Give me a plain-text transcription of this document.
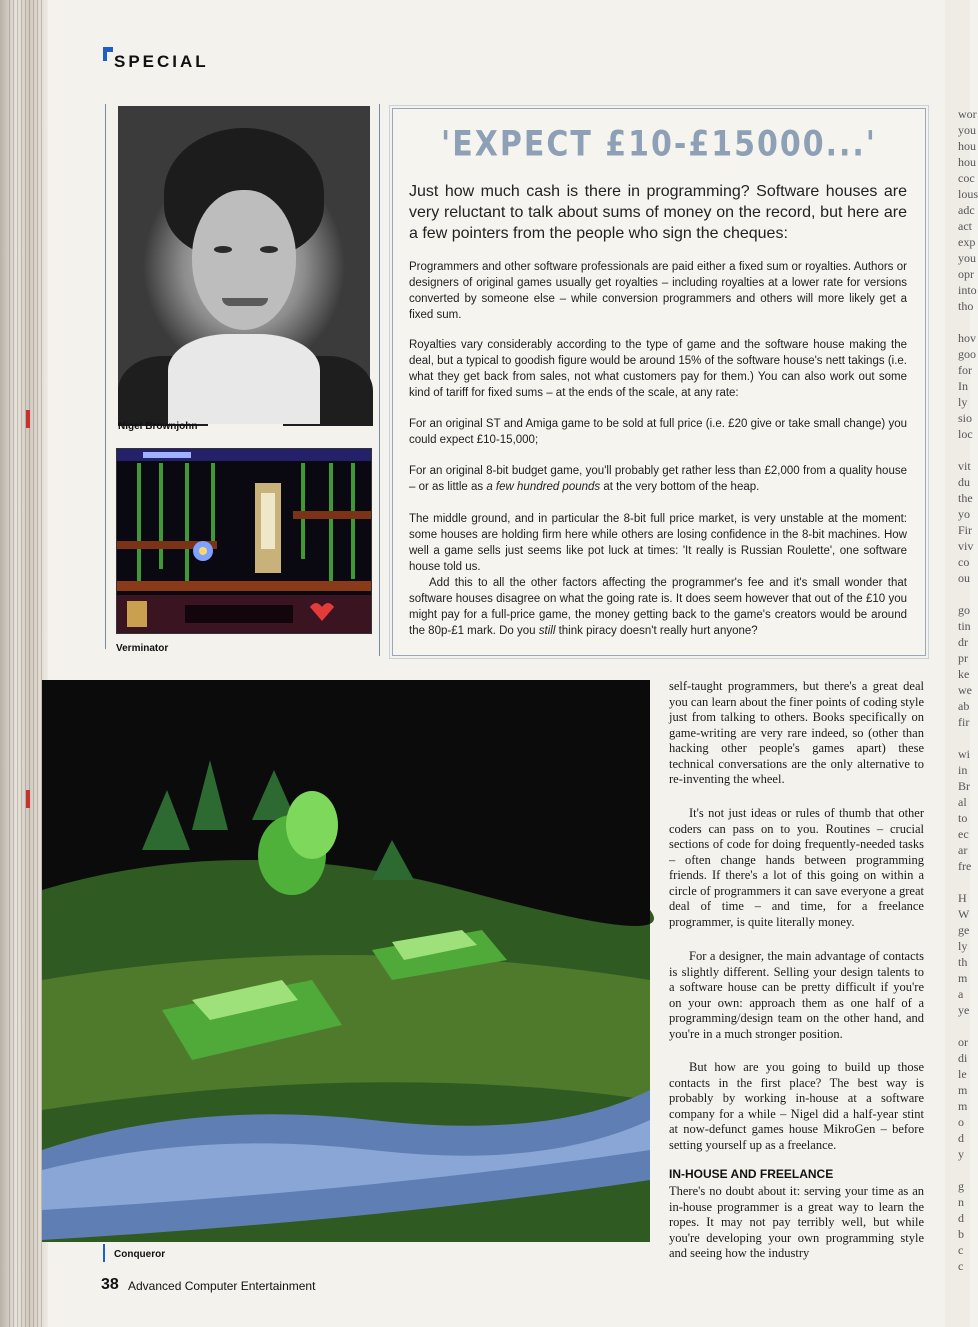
wor
you
hou
hou
coc
lous
adc
act
exp
you
opr
into
tho
hov
goo
for
In
ly
sio
loc
vit
du
the
yo
Fir
viv
co
ou
go
tin
dr
pr
ke
we
ab
fir
wi
in
Br
al
to
ec
ar
fre
H
W
ge
ly
th
m
a
ye
or
di
le
m
m
o
d
y
g
n
d
b
c
c
SPECIAL
Nigel Brownjohn
Verminator
'EXPECT £10-£15000...'
Just how much cash is there in programming? Software houses are very reluctant to talk about sums of money on the record, but here are a few pointers from the people who sign the cheques:
Programmers and other software professionals are paid either a fixed sum or royalties. Authors or designers of original games usually get royalties – including royalties at a lower rate for versions converted by someone else – while conversion programmers and others will more likely get a fixed sum.
Royalties vary considerably according to the type of game and the software house making the deal, but a typical to goodish figure would be around 15% of the software house's nett takings (i.e. what they get back from sales, not what customers pay for them.) You can also work out some kind of tariff for fixed sums – at the ends of the scale, at any rate:
For an original ST and Amiga game to be sold at full price (i.e. £20 give or take small change) you could expect £10-15,000;
For an original 8-bit budget game, you'll probably get rather less than £2,000 from a quality house – or as little as a few hundred pounds at the very bottom of the heap.
The middle ground, and in particular the 8-bit full price market, is very unstable at the moment: some houses are holding firm here while others are losing confidence in the 8-bit machines. How well a game sells just seems like pot luck at times: 'It really is Russian Roulette', one software house told us.
Add this to all the other factors affecting the programmer's fee and it's small wonder that software houses disagree on what the going rate is. It does seem however that out of the £10 you might pay for a full-price game, the money getting back to the game's creators would be around the 80p-£1 mark. Do you still think piracy doesn't really hurt anyone?
Conqueror
self-taught programmers, but there's a great deal you can learn about the finer points of coding style just from talking to others. Books specifically on game-writing are very rare indeed, so (other than hacking other people's games apart) these technical conversations are the only alternative to re-inventing the wheel.
It's not just ideas or rules of thumb that other coders can pass on to you. Routines – crucial sections of code for doing frequently-needed tasks – often change hands between programming friends. If there's a lot of this going on within a circle of programmers it can save everyone a great deal of time – and time, for a freelance programmer, is quite literally money.
For a designer, the main advantage of contacts is slightly different. Selling your design talents to a software house can be pretty difficult if you're on your own: approach them as one half of a programming/design team on the other hand, and you're in a much stronger position.
But how are you going to build up those contacts in the first place? The best way is probably by working in-house at a software company for a while – Nigel did a half-year stint at now-defunct games house MikroGen – before setting yourself up as a freelance.
IN-HOUSE AND FREELANCE
There's no doubt about it: serving your time as an in-house programmer is a great way to learn the ropes. It may not pay terribly well, but while you're developing your own programming style and seeing how the industry
38 Advanced Computer Entertainment
